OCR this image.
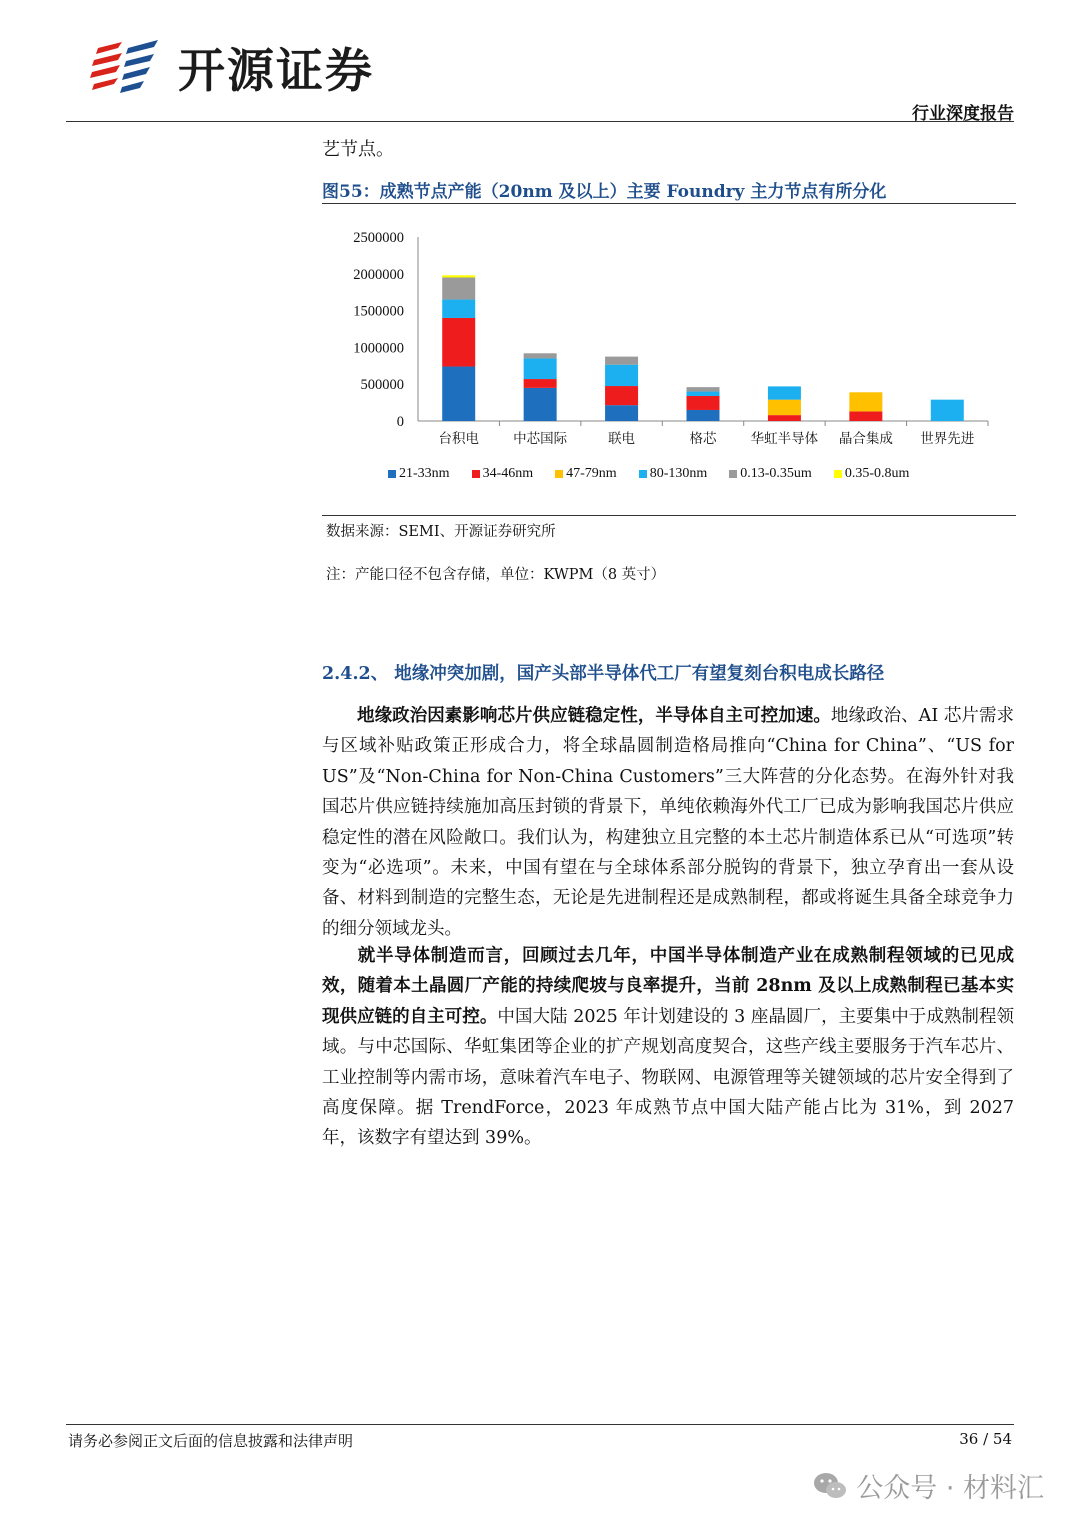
开源证券
行业深度报告
艺节点。
图55：成熟节点产能（20nm 及以上）主要 Foundry 主力节点有所分化
0
500000
1000000
1500000
2000000
2500000
台积电	中芯国际	联电	格芯	华虹半导体 晶合集成 世界先进
21-33nm	34-46nm	47-79nm	80-130nm	0.13-0.35um	0.35-0.8um
数据来源：SEMI、开源证券研究所
注：产能口径不包含存储，单位：KWPM（8 英寸）
2.4.2、 地缘冲突加剧，国产头部半导体代工厂有望复刻台积电成长路径
地缘政治因素影响芯片供应链稳定性，半导体自主可控加速。地缘政治、AI 芯片需求与区域补贴政策正形成合力，将全球晶圆制造格局推向“China for China”、“US for US”及“Non-China for Non-China Customers”三大阵营的分化态势。在海外针对我国芯片供应链持续施加高压封锁的背景下，单纯依赖海外代工厂已成为影响我国芯片供应稳定性的潜在风险敞口。我们认为，构建独立且完整的本土芯片制造体系已从“可选项”转变为“必选项”。未来，中国有望在与全球体系部分脱钩的背景下，独立孕育出一套从设备、材料到制造的完整生态，无论是先进制程还是成熟制程，都或将诞生具备全球竞争力的细分领域龙头。
就半导体制造而言，回顾过去几年，中国半导体制造产业在成熟制程领域的已见成效，随着本土晶圆厂产能的持续爬坡与良率提升，当前 28nm 及以上成熟制程已基本实现供应链的自主可控。中国大陆 2025 年计划建设的 3 座晶圆厂，主要集中于成熟制程领域。与中芯国际、华虹集团等企业的扩产规划高度契合，这些产线主要服务于汽车芯片、工业控制等内需市场，意味着汽车电子、物联网、电源管理等关键领域的芯片安全得到了高度保障。据 TrendForce，2023 年成熟节点中国大陆产能占比为 31%，到 2027 年，该数字有望达到 39%。
请务必参阅正文后面的信息披露和法律声明	36 / 54
公众号 · 材料汇
